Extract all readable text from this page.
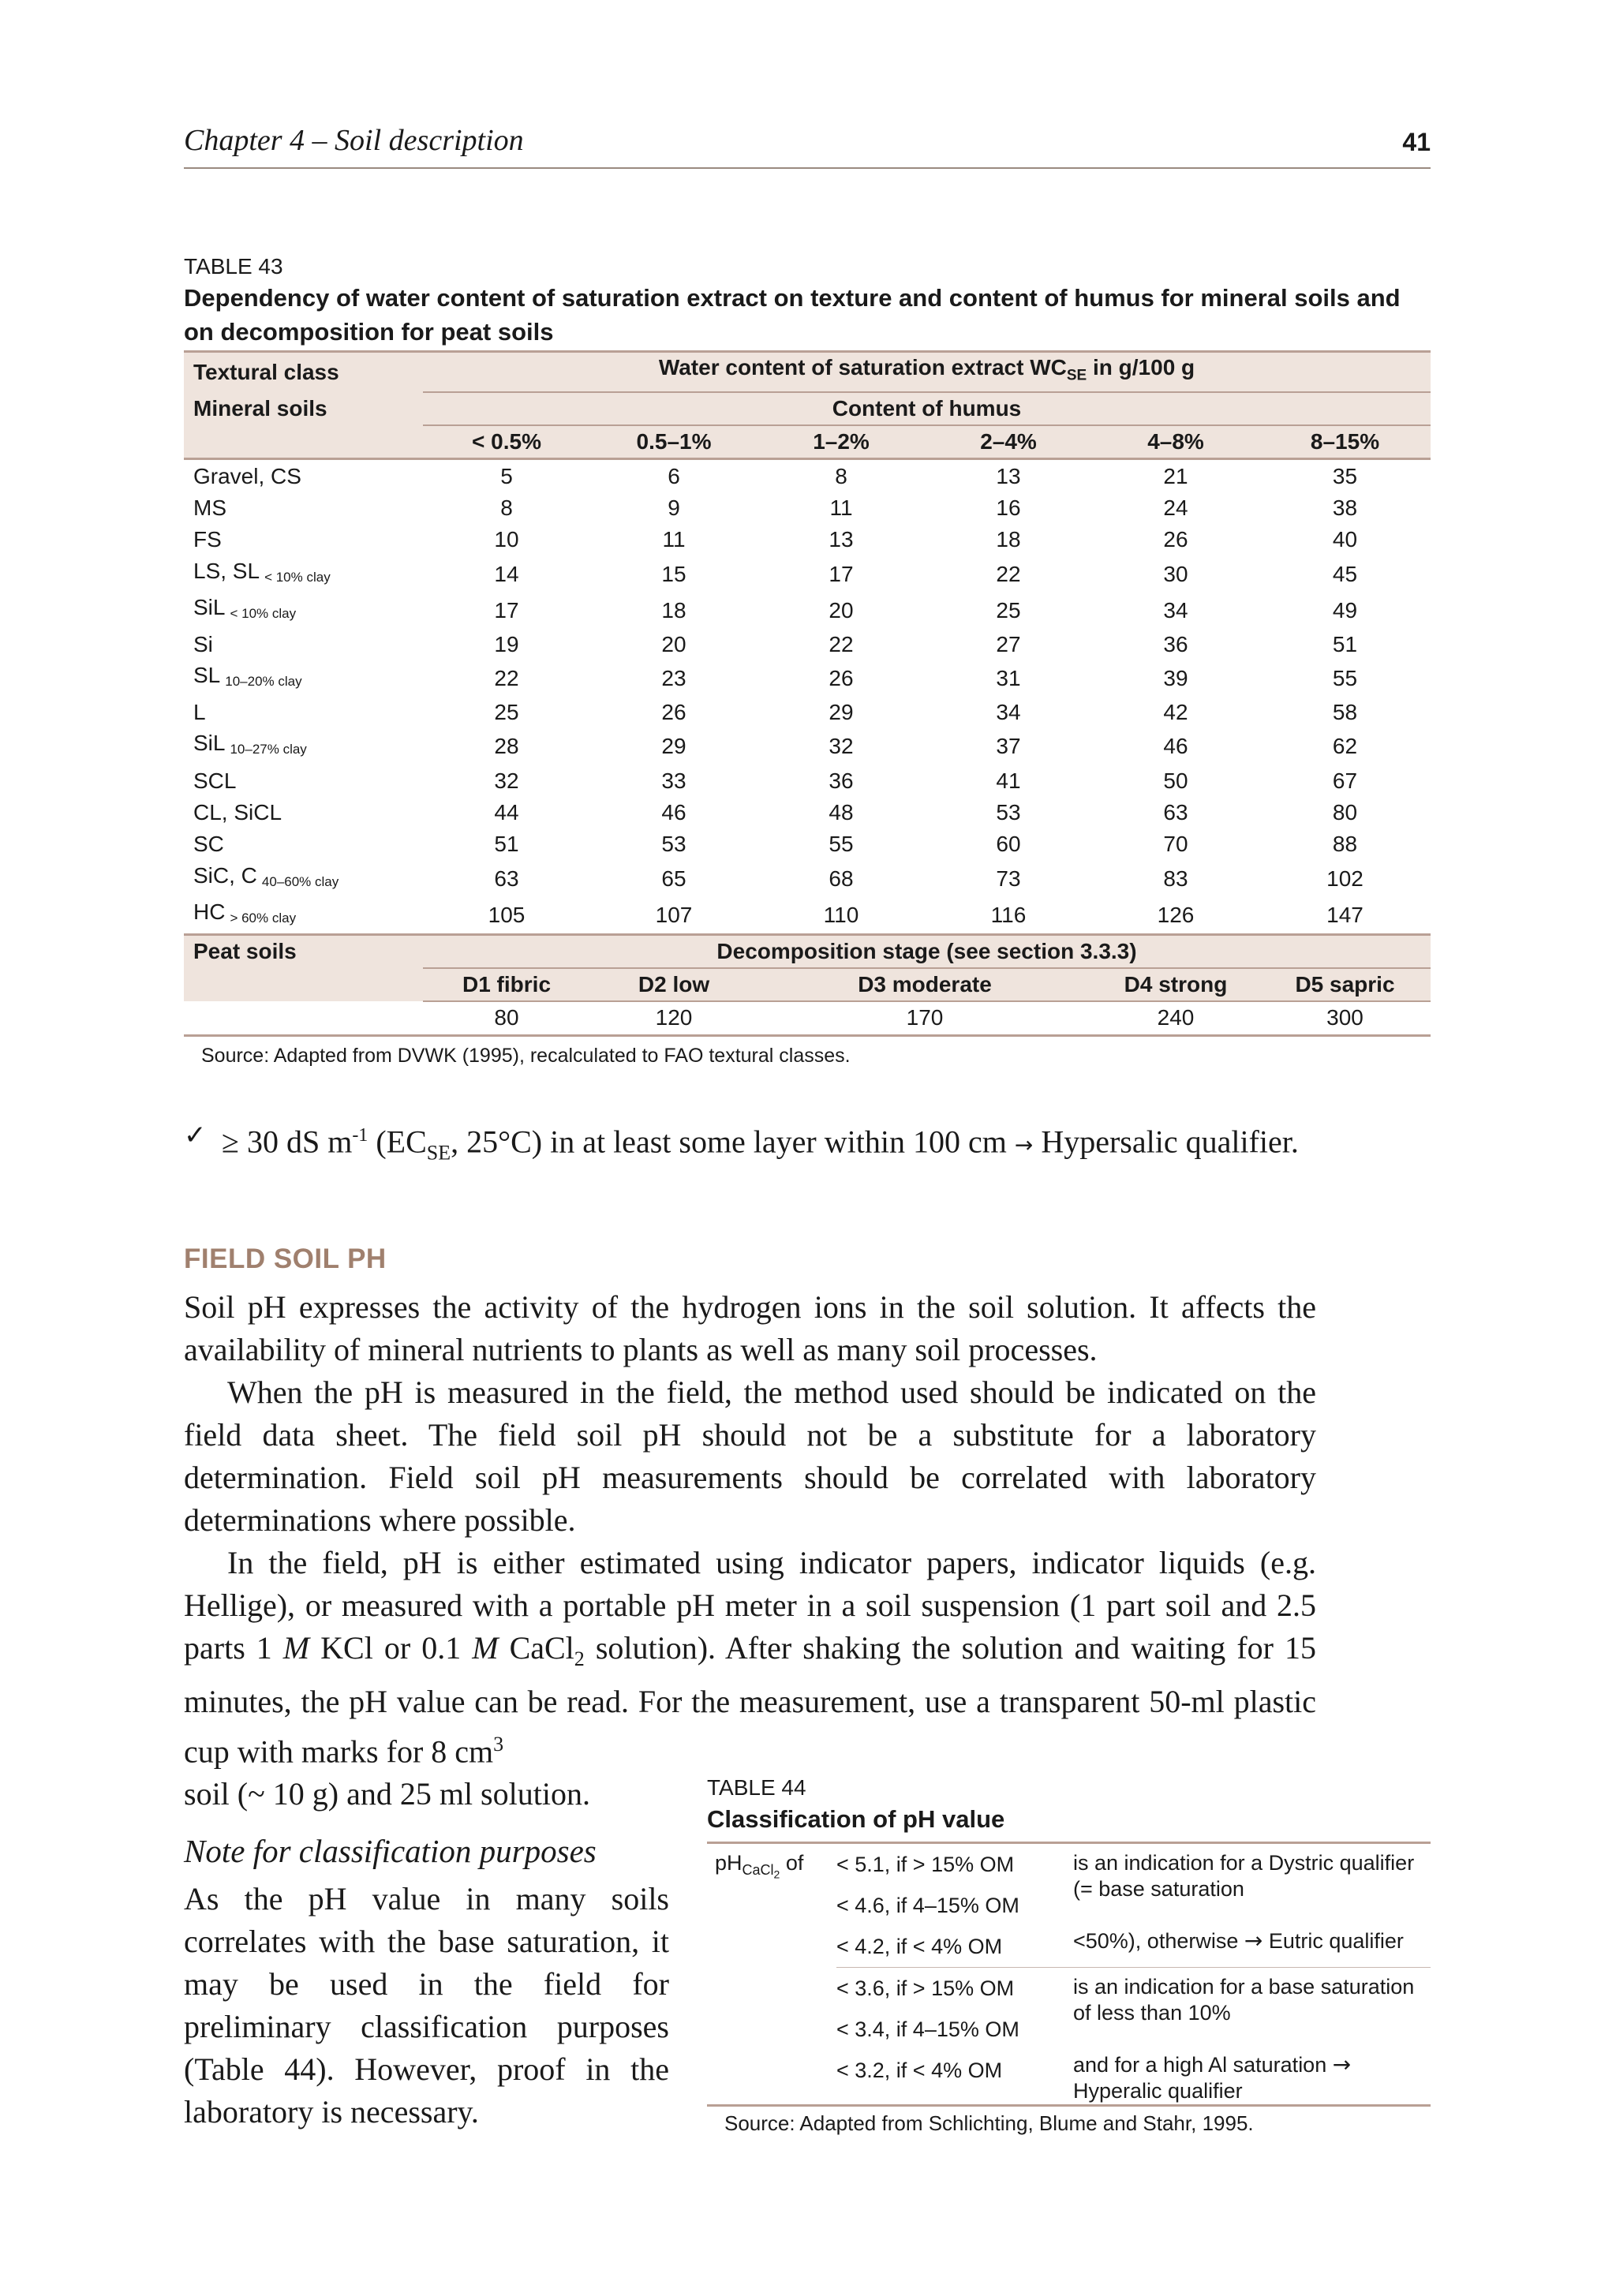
Chapter 4 – Soil description	41
TABLE 43
Dependency of water content of saturation extract on texture and content of humus for mineral soils and on decomposition for peat soils
Textural class	Water content of saturation extract $WC_{SE}$ in g/100 g					
Mineral soils	Content of humus					
	< 0.5%	0.5–1%	1–2%	2–4%	4–8%	8–15%
Gravel, CS	5	6	8	13	21	35
MS	8	9	11	16	24	38
FS	10	11	13	18	26	40
LS, SL $_{< 10\% clay}$	14	15	17	22	30	45
SiL $_{< 10\% clay}$	17	18	20	25	34	49
Si	19	20	22	27	36	51
SL $_{10-20\% clay}$	22	23	26	31	39	55
L	25	26	29	34	42	58
SiL $_{10-27\% clay}$	28	29	32	37	46	62
SCL	32	33	36	41	50	67
CL, SiCL	44	46	48	53	63	80
SC	51	53	55	60	70	88
SiC, C $_{40-60\% clay}$	63	65	68	73	83	102
HC $_{> 60\% clay}$	105	107	110	116	126	147
Peat soils	Decomposition stage (see section 3.3.3)					
	D1 fibric	D2 low	D3 moderate		D4 strong	D5 sapric
	80	120	170		240	300
Source: Adapted from DVWK (1995), recalculated to FAO textural classes.
✓ ≥ 30 dS $m^{-1}$ ($EC_{SE}$, 25°C) in at least some layer within 100 cm → Hypersalic qualifier.
FIELD SOIL PH

Soil pH expresses the activity of the hydrogen ions in the soil solution. It affects the availability of mineral nutrients to plants as well as many soil processes.

When the pH is measured in the field, the method used should be indicated on the field data sheet. The field soil pH should not be a substitute for a laboratory determination. Field soil pH measurements should be correlated with laboratory determinations where possible.

In the field, pH is either estimated using indicator papers, indicator liquids (e.g. Hellige), or measured with a portable pH meter in a soil suspension (1 part soil and 2.5 parts 1 M KCl or 0.1 M CaCl$_2$ solution). After shaking the solution and waiting for 15 minutes, the pH value can be read. For the measurement, use a transparent 50-ml plastic cup with marks for 8 $cm^3$

soil (~ 10 g) and 25 ml solution.

Note for classification purposes

As the pH value in many soils correlates with the base saturation, it may be used in the field for preliminary classification purposes (Table 44). However, proof in the

laboratory is necessary.

TABLE 44
Classification of pH value
$pH_{CaCl_2}$ of	< 5.1, if > 15% OM	is an indication for a Dystric qualifier (= base saturation
	< 4.6, if 4–15% OM	
	< 4.2, if < 4% OM	<50%), otherwise → Eutric qualifier
	< 3.6, if > 15% OM	is an indication for a base saturation of less than 10%
	< 3.4, if 4–15% OM	
	< 3.2, if < 4% OM	and for a high Al saturation → Hyperalic qualifier

Source: Adapted from Schlichting, Blume and Stahr, 1995.
